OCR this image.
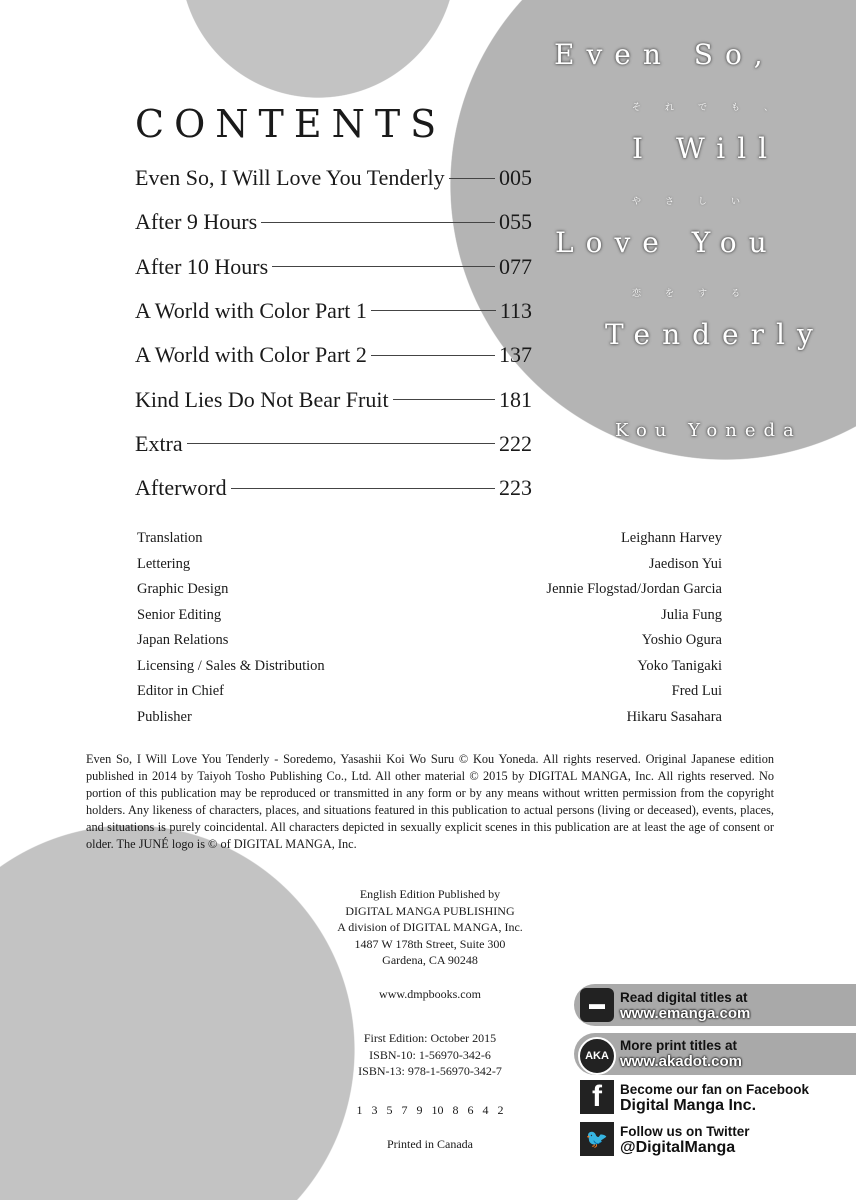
Even So,
それでも、
I Will
やさしい
Love You
恋をする
Tenderly
Kou Yoneda
CONTENTS
Even So, I Will Love You Tenderly - Soredemo, Yasashii Koi Wo Suru © Kou Yoneda. All rights reserved. Original Japanese edition published in 2014 by Taiyoh Tosho Publishing Co., Ltd. All other material © 2015 by DIGITAL MANGA, Inc. All rights reserved. No portion of this publication may be reproduced or transmitted in any form or by any means without written permission from the copyright holders. Any likeness of characters, places, and situations featured in this publication to actual persons (living or deceased), events, places, and situations is purely coincidental. All characters depicted in sexually explicit scenes in this publication are at least the age of consent or older. The JUNÉ logo is © of DIGITAL MANGA, Inc.
English Edition Published by
DIGITAL MANGA PUBLISHING
A division of DIGITAL MANGA, Inc.
1487 W 178th Street, Suite 300
Gardena, CA 90248
www.dmpbooks.com
First Edition: October 2015
ISBN-10: 1-56970-342-6
ISBN-13: 978-1-56970-342-7
1 3 5 7 9 10 8 6 4 2
Printed in Canada
▬	Read digital titles at
www.emanga.com
AKA
More print titles at
www.akadot.com
f	Become our fan on Facebook
Digital Manga Inc.
🐦 Follow us on Twitter
@DigitalManga
Even So, I Will Love You Tenderly 005
After 9 Hours	055
After 10 Hours	077
A World with Color Part 1	113
A World with Color Part 2	137
Kind Lies Do Not Bear Fruit	181
Extra	222
Afterword	223
Translation	Leighann Harvey
Lettering	Jaedison Yui
Graphic Design	Jennie Flogstad/Jordan Garcia
Senior Editing	Julia Fung
Japan Relations	Yoshio Ogura
Licensing / Sales & Distribution	Yoko Tanigaki
Editor in Chief	Fred Lui
Publisher	Hikaru Sasahara
